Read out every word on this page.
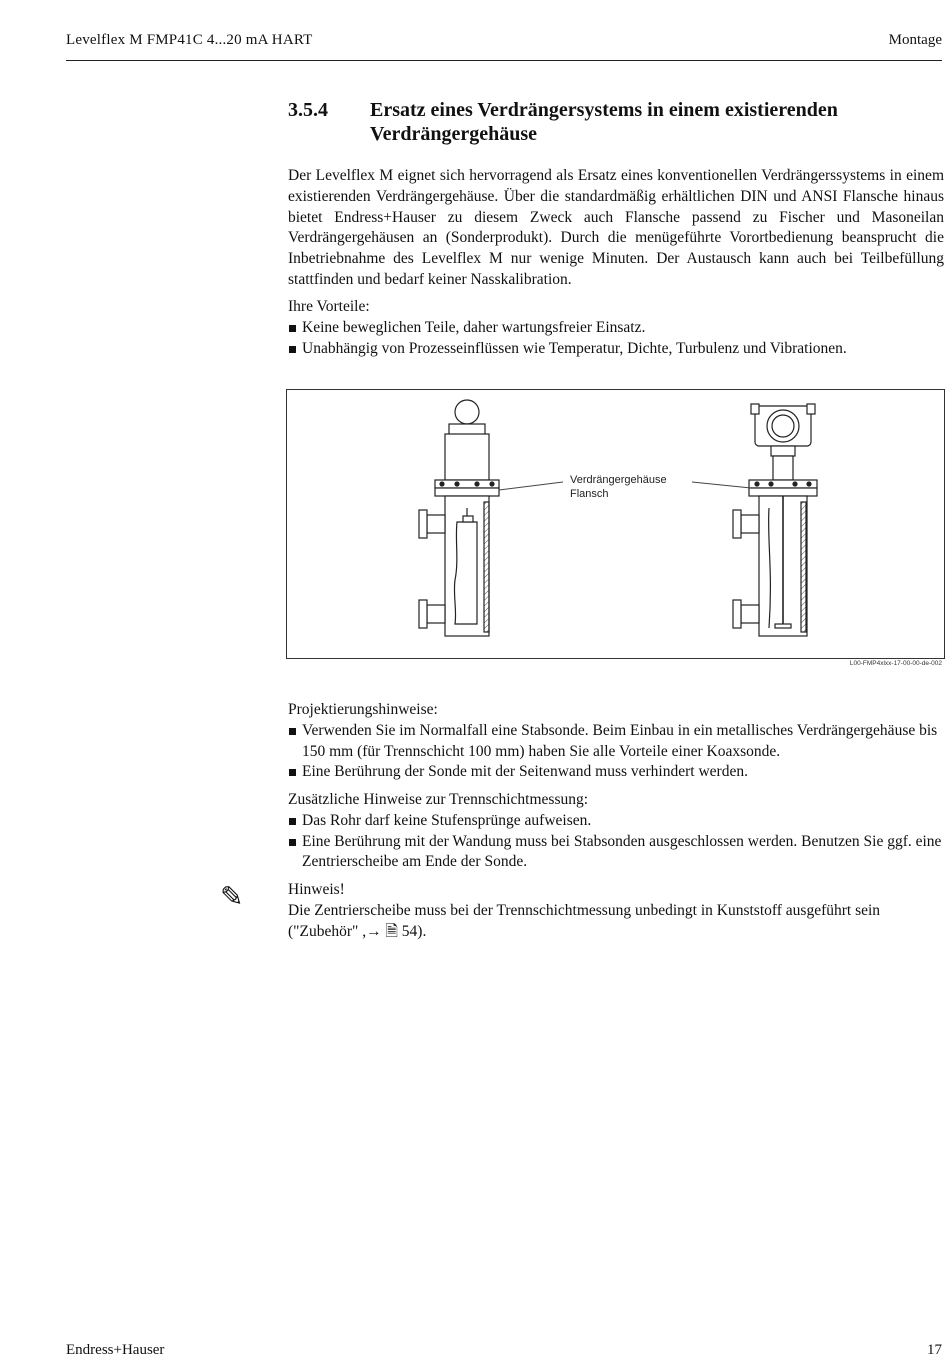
Levelflex M FMP41C 4...20 mA HART	Montage
3.5.4 Ersatz eines Verdrängersystems in einem existierenden Verdrängergehäuse

Der Levelflex M eignet sich hervorragend als Ersatz eines konventionellen Verdrängerssystems in einem existierenden Verdrängergehäuse. Über die standardmäßig erhältlichen DIN und ANSI Flansche hinaus bietet Endress+Hauser zu diesem Zweck auch Flansche passend zu Fischer und Masoneilan Verdrängergehäusen an (Sonderprodukt). Durch die menügeführte Vorortbedienung beansprucht die Inbetriebnahme des Levelflex M nur wenige Minuten. Der Austausch kann auch bei Teilbefüllung stattfinden und bedarf keiner Nasskalibration.

Ihre Vorteile:
Keine beweglichen Teile, daher wartungsfreier Einsatz.
Unabhängig von Prozesseinflüssen wie Temperatur, Dichte, Turbulenz und Vibrationen.
Verdrängergehäuse
Flansch
L00-FMP4xlxx-17-00-00-de-002
Projektierungshinweise:
Verwenden Sie im Normalfall eine Stabsonde. Beim Einbau in ein metallisches Verdrängergehäuse bis 150 mm (für Trennschicht 100 mm) haben Sie alle Vorteile einer Koaxsonde.
Eine Berührung der Sonde mit der Seitenwand muss verhindert werden.
Zusätzliche Hinweise zur Trennschichtmessung:
Das Rohr darf keine Stufensprünge aufweisen.
Eine Berührung mit der Wandung muss bei Stabsonden ausgeschlossen werden. Benutzen Sie ggf. eine Zentrierscheibe am Ende der Sonde.
✎	Hinweis!
Die Zentrierscheibe muss bei der Trennschichtmessung unbedingt in Kunststoff ausgeführt sein ("Zubehör" ,→ 🗎 54).
Endress+Hauser	17
